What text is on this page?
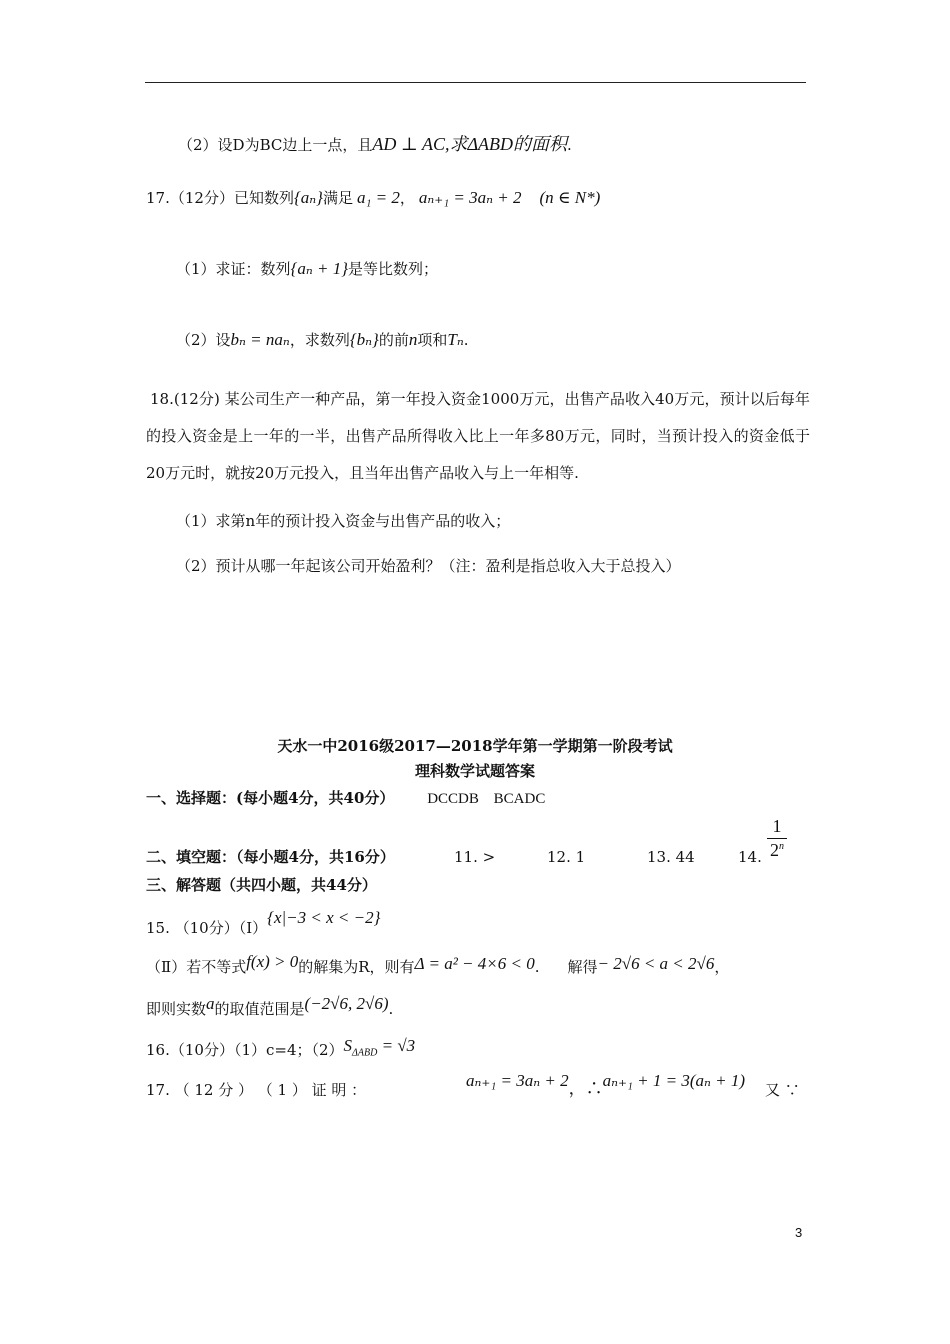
（2）设D为BC边上一点，且AD ⊥ AC,求ΔABD的面积.
17.（12分）已知数列{aₙ}满足 a₁ = 2， aₙ₊₁ = 3aₙ + 2 (n ∈ N*)
（1）求证：数列{aₙ + 1}是等比数列；
（2）设bₙ = naₙ，求数列{bₙ}的前n项和Tₙ.
18.(12分) 某公司生产一种产品，第一年投入资金1000万元，出售产品收入40万元，预计以后每年的投入资金是上一年的一半，出售产品所得收入比上一年多80万元，同时，当预计投入的资金低于20万元时，就按20万元投入，且当年出售产品收入与上一年相等.
（1）求第n年的预计投入资金与出售产品的收入；
（2）预计从哪一年起该公司开始盈利？（注：盈利是指总收入大于总投入）
天水一中2016级2017—2018学年第一学期第一阶段考试
理科数学试题答案
一、选择题：(每小题4分，共40分） DCCDB BCADC
二、填空题：（每小题4分，共16分）	11. >	12. 1	13. 44	14.
1
2$^n$
三、解答题（共四小题，共44分）
15. （10分）（Ⅰ）{x|−3 < x < −2}
（Ⅱ）若不等式f(x) > 0的解集为R，则有Δ = a² − 4×6 < 0. 解得− 2√6 < a < 2√6，
即则实数a的取值范围是(−2√6, 2√6).
16.（10分）（1）c=4；$(2)S_{\Delta ABD} = √3$
17. （ 12 分 ） （ 1 ） 证 明 ：	aₙ₊₁ = 3aₙ + 2，∴aₙ₊₁ + 1 = 3(aₙ + 1) 又 ∵
3
